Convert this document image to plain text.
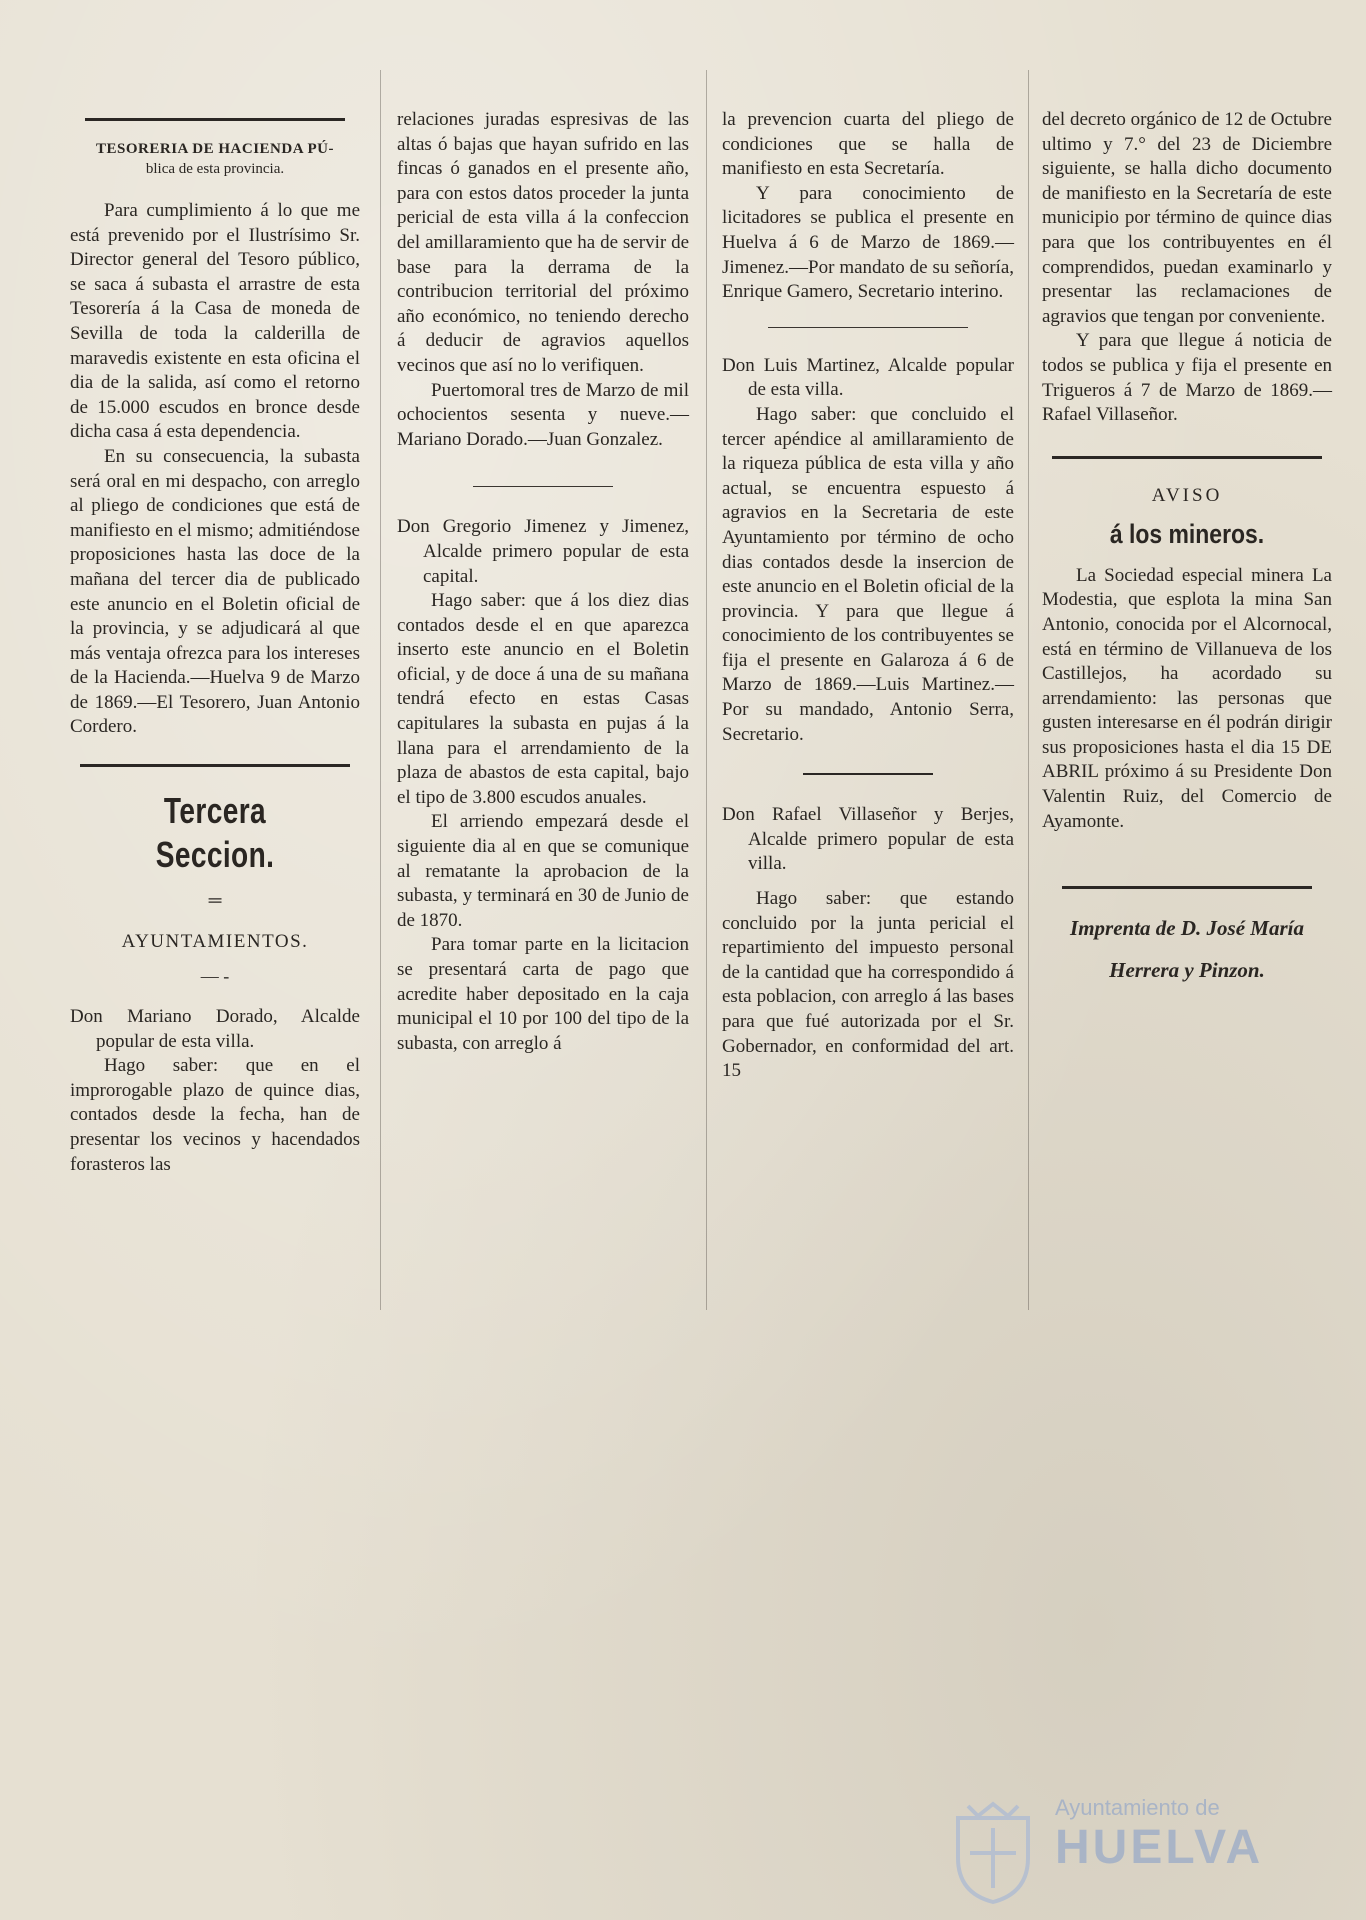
TESORERIA DE HACIENDA PÚ-
blica de esta provincia.

Para cumplimiento á lo que me está prevenido por el Ilustrísimo Sr. Director general del Tesoro público, se saca á subasta el arrastre de esta Tesorería á la Casa de moneda de Sevilla de toda la calderilla de maravedis existente en esta oficina el dia de la salida, así como el retorno de 15.000 escudos en bronce desde dicha casa á esta dependencia.

En su consecuencia, la subasta será oral en mi despacho, con arreglo al pliego de condiciones que está de manifiesto en el mismo; admitiéndose proposiciones hasta las doce de la mañana del tercer dia de publicado este anuncio en el Boletin oficial de la provincia, y se adjudicará al que más ventaja ofrezca para los intereses de la Hacienda.—Huelva 9 de Marzo de 1869.—El Tesorero, Juan Antonio Cordero.

Tercera Seccion.
═
AYUNTAMIENTOS.
— -

Don Mariano Dorado, Alcalde popular de esta villa.

Hago saber: que en el improrogable plazo de quince dias, contados desde la fecha, han de presentar los vecinos y hacendados forasteros las

relaciones juradas espresivas de las altas ó bajas que hayan sufrido en las fincas ó ganados en el presente año, para con estos datos proceder la junta pericial de esta villa á la confeccion del amillaramiento que ha de servir de base para la derrama de la contribucion territorial del próximo año económico, no teniendo derecho á deducir de agravios aquellos vecinos que así no lo verifiquen.

Puertomoral tres de Marzo de mil ochocientos sesenta y nueve.—Mariano Dorado.—Juan Gonzalez.

Don Gregorio Jimenez y Jimenez, Alcalde primero popular de esta capital.

Hago saber: que á los diez dias contados desde el en que aparezca inserto este anuncio en el Boletin oficial, y de doce á una de su mañana tendrá efecto en estas Casas capitulares la subasta en pujas á la llana para el arrendamiento de la plaza de abastos de esta capital, bajo el tipo de 3.800 escudos anuales.

El arriendo empezará desde el siguiente dia al en que se comunique al rematante la aprobacion de la subasta, y terminará en 30 de Junio de de 1870.

Para tomar parte en la licitacion se presentará carta de pago que acredite haber depositado en la caja municipal el 10 por 100 del tipo de la subasta, con arreglo á

la prevencion cuarta del pliego de condiciones que se halla de manifiesto en esta Secretaría.

Y para conocimiento de licitadores se publica el presente en Huelva á 6 de Marzo de 1869.—Jimenez.—Por mandato de su señoría, Enrique Gamero, Secretario interino.

Don Luis Martinez, Alcalde popular de esta villa.

Hago saber: que concluido el tercer apéndice al amillaramiento de la riqueza pública de esta villa y año actual, se encuentra espuesto á agravios en la Secretaria de este Ayuntamiento por término de ocho dias contados desde la insercion de este anuncio en el Boletin oficial de la provincia. Y para que llegue á conocimiento de los contribuyentes se fija el presente en Galaroza á 6 de Marzo de 1869.—Luis Martinez.—Por su mandado, Antonio Serra, Secretario.

Don Rafael Villaseñor y Berjes, Alcalde primero popular de esta villa.

Hago saber: que estando concluido por la junta pericial el repartimiento del impuesto personal de la cantidad que ha correspondido á esta poblacion, con arreglo á las bases para que fué autorizada por el Sr. Gobernador, en conformidad del art. 15

del decreto orgánico de 12 de Octubre ultimo y 7.° del 23 de Diciembre siguiente, se halla dicho documento de manifiesto en la Secretaría de este municipio por término de quince dias para que los contribuyentes en él comprendidos, puedan examinarlo y presentar las reclamaciones de agravios que tengan por conveniente.

Y para que llegue á noticia de todos se publica y fija el presente en Trigueros á 7 de Marzo de 1869.—Rafael Villaseñor.

AVISO
á los mineros.

La Sociedad especial minera La Modestia, que esplota la mina San Antonio, conocida por el Alcornocal, está en término de Villanueva de los Castillejos, ha acordado su arrendamiento: las personas que gusten interesarse en él podrán dirigir sus proposiciones hasta el dia 15 DE ABRIL próximo á su Presidente Don Valentin Ruiz, del Comercio de Ayamonte.

Imprenta de D. José María
Herrera y Pinzon.
Ayuntamiento de
HUELVA
